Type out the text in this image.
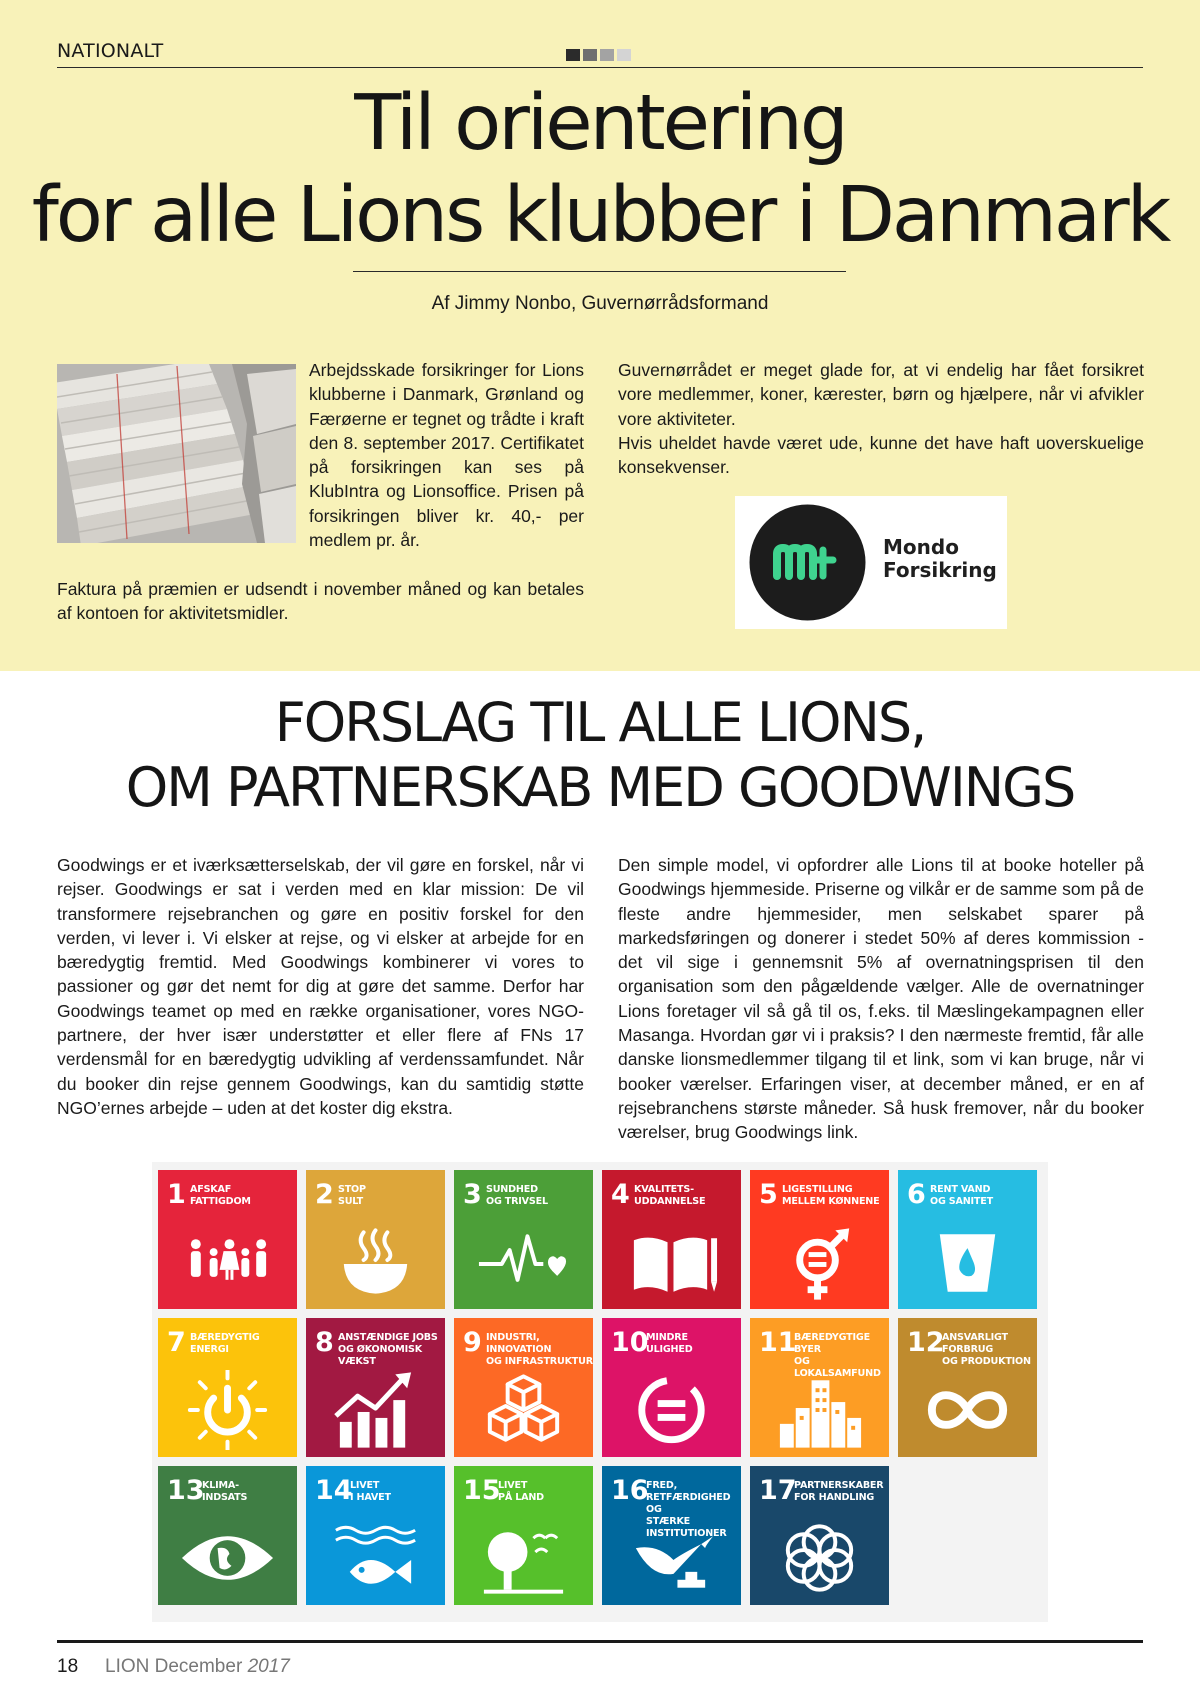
NATIONALT
Til orientering
for alle Lions klubber i Danmark
Af Jimmy Nonbo, Guvernørrådsformand

Arbejdsskade forsikringer for Lions klubberne i Danmark, Grønland og Færøerne er tegnet og trådte i kraft den 8. september 2017. Certifikatet på forsikringen kan ses på KlubIntra og Lionsoffice. Prisen på forsikringen bliver kr. 40,- per medlem pr. år.

Faktura på præmien er udsendt i november måned og kan betales af kontoen for aktivitetsmidler.

Guvernørrådet er meget glade for, at vi endelig har fået forsikret vore medlemmer, koner, kærester, børn og hjælpere, når vi afvikler vore aktiviteter.

Hvis uheldet havde været ude, kunne det have haft uoverskuelige konsekvenser.

Mondo
Forsikring
FORSLAG TIL ALLE LIONS,
OM PARTNERSKAB MED GOODWINGS

Goodwings er et iværksætterselskab, der vil gøre en forskel, når vi rejser. Goodwings er sat i verden med en klar mission: De vil transformere rejsebranchen og gøre en positiv forskel for den verden, vi lever i. Vi elsker at rejse, og vi elsker at arbejde for en bæredygtig fremtid. Med Goodwings kombinerer vi vores to passioner og gør det nemt for dig at gøre det samme. Derfor har Goodwings teamet op med en række organisationer, vores NGO-partnere, der hver især understøtter et eller flere af FNs 17 verdensmål for en bæredygtig udvikling af verdenssamfundet. Når du booker din rejse gennem Goodwings, kan du samtidig støtte NGO’ernes arbejde – uden at det koster dig ekstra.

Den simple model, vi opfordrer alle Lions til at booke hoteller på Goodwings hjemmeside. Priserne og vilkår er de samme som på de fleste andre hjemmesider, men selskabet sparer på markedsføringen og donerer i stedet 50% af deres kommission - det vil sige i gennemsnit 5% af overnatningsprisen til den organisation som den pågældende vælger. Alle de overnatninger Lions foretager vil så gå til os, f.eks. til Mæslingekampagnen eller Masanga. Hvordan gør vi i praksis? I den nærmeste fremtid, får alle danske lionsmedlemmer tilgang til et link, som vi kan bruge, når vi booker værelser. Erfaringen viser, at december måned, er en af rejsebranchens største måneder. Så husk fremover, når du booker værelser, brug Goodwings link.

1 AFSKAF
FATTIGDOM 2 STOP
SULT	3 SUNDHED
OG TRIVSEL 4 KVALITETS-
UDDANNELSE 5 LIGESTILLING
MELLEM KØNNENE 6 RENT VAND
OG SANITET
7 BÆREDYGTIG
ENERGI	8 ANSTÆNDIGE JOBS
OG ØKONOMISK
VÆKST
9 INDUSTRI, INNOVATION
OG INFRASTRUKTUR
10
MINDRE
ULIGHED 11
BÆREDYGTIGE BYER
OG LOKALSAMFUND
12
ANSVARLIGT
FORBRUG
OG PRODUKTION
13
KLIMA-
INDSATS	14
LIVET
I HAVET	15
LIVET
PÅ LAND 16
FRED, RETFÆRDIGHED OG
STÆRKE INSTITUTIONER
17
PARTNERSKABER
FOR HANDLING
18 LION December 2017
